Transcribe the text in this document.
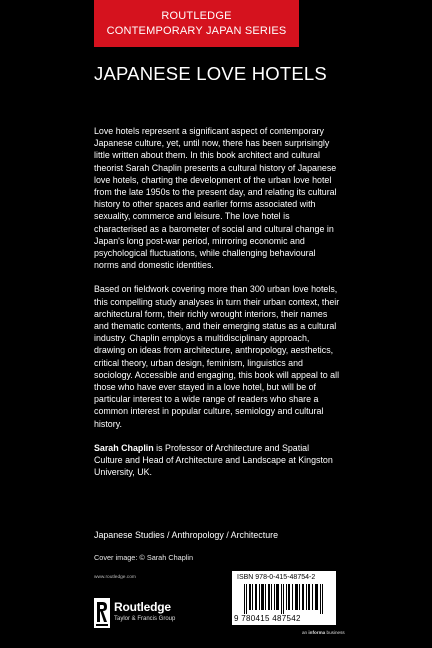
ROUTLEDGE
CONTEMPORARY JAPAN SERIES
JAPANESE LOVE HOTELS

Love hotels represent a significant aspect of contemporary Japanese culture, yet, until now, there has been surprisingly little written about them. In this book architect and cultural theorist Sarah Chaplin presents a cultural history of Japanese love hotels, charting the development of the urban love hotel from the late 1950s to the present day, and relating its cultural history to other spaces and earlier forms associated with sexuality, commerce and leisure. The love hotel is characterised as a barometer of social and cultural change in Japan's long post-war period, mirroring economic and psychological fluctuations, while challenging behavioural norms and domestic identities.

Based on fieldwork covering more than 300 urban love hotels, this compelling study analyses in turn their urban context, their architectural form, their richly wrought interiors, their names and thematic contents, and their emerging status as a cultural industry. Chaplin employs a multidisciplinary approach, drawing on ideas from architecture, anthropology, aesthetics, critical theory, urban design, feminism, linguistics and sociology. Accessible and engaging, this book will appeal to all those who have ever stayed in a love hotel, but will be of particular interest to a wide range of readers who share a common interest in popular culture, semiology and cultural history.

Sarah Chaplin is Professor of Architecture and Spatial Culture and Head of Architecture and Landscape at Kingston University, UK.

Japanese Studies / Anthropology / Architecture
Cover image: © Sarah Chaplin
www.routledge.com
Routledge
Taylor & Francis Group
ISBN 978-0-415-48754-2
9 780415 487542
an informa business
